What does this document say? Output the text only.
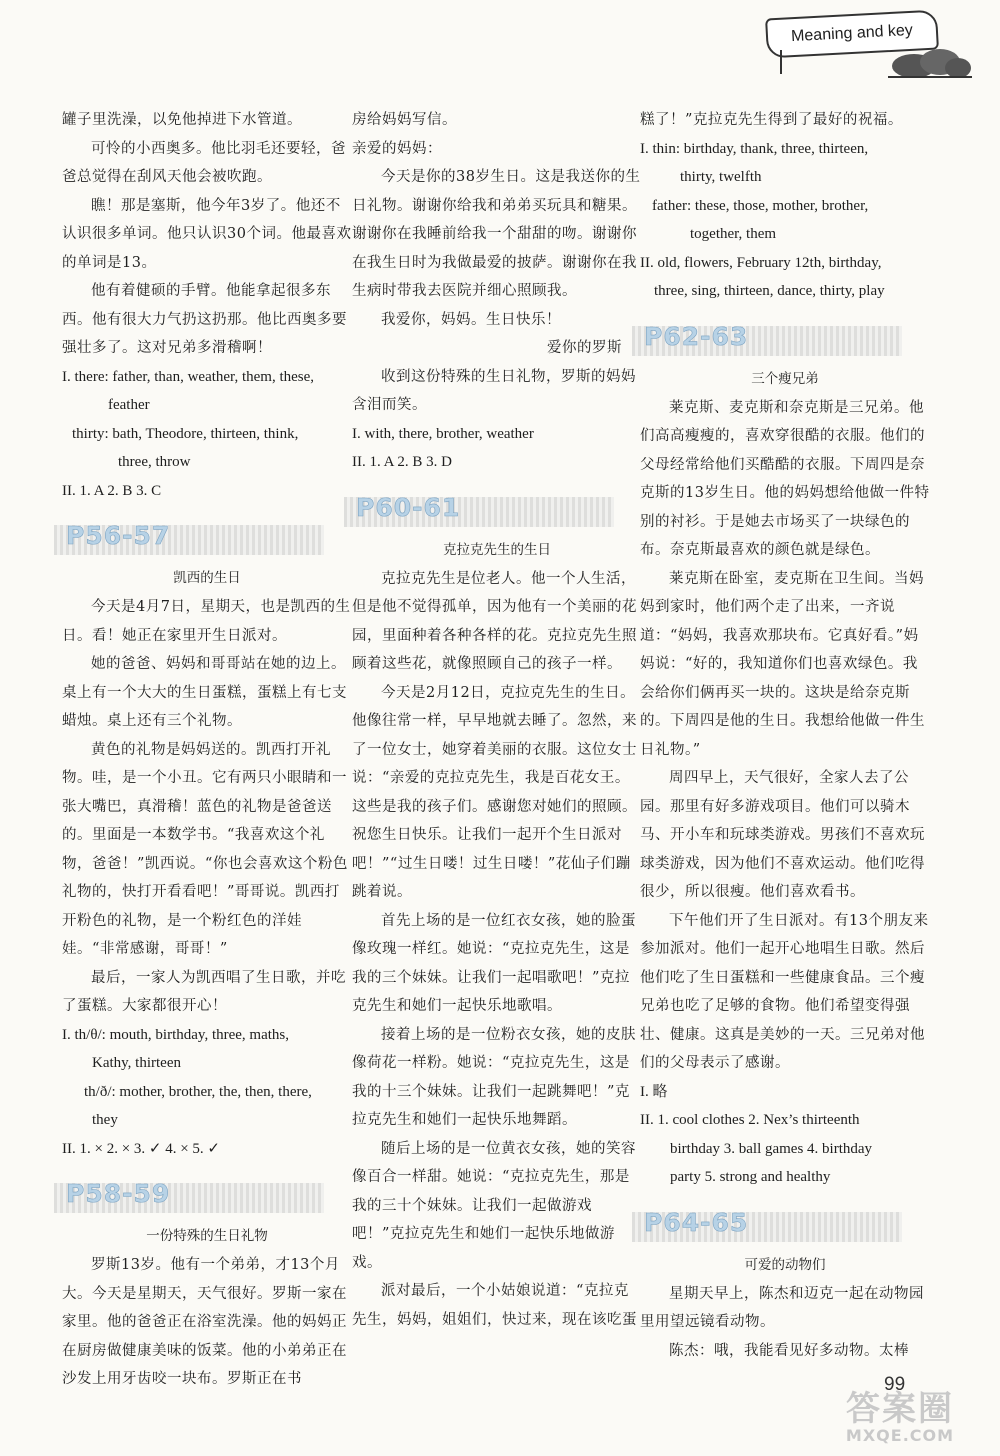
Meaning and key

罐子里洗澡，以免他掉进下水管道。

可怜的小西奥多。他比羽毛还要轻，爸爸总觉得在刮风天他会被吹跑。

瞧！那是塞斯，他今年3岁了。他还不认识很多单词。他只认识30个词。他最喜欢的单词是13。

他有着健硕的手臂。他能拿起很多东西。他有很大力气扔这扔那。他比西奥多要强壮多了。这对兄弟多滑稽啊！

I. there: father, than, weather, them, these,

feather

thirty: bath, Theodore, thirteen, think,

three, throw

II. 1. A 2. B 3. C

P56-57

凯西的生日

今天是4月7日，星期天，也是凯西的生日。看！她正在家里开生日派对。

她的爸爸、妈妈和哥哥站在她的边上。桌上有一个大大的生日蛋糕，蛋糕上有七支蜡烛。桌上还有三个礼物。

黄色的礼物是妈妈送的。凯西打开礼物。哇，是一个小丑。它有两只小眼睛和一张大嘴巴，真滑稽！蓝色的礼物是爸爸送的。里面是一本数学书。“我喜欢这个礼物，爸爸！”凯西说。“你也会喜欢这个粉色礼物的，快打开看看吧！”哥哥说。凯西打开粉色的礼物，是一个粉红色的洋娃娃。“非常感谢，哥哥！”

最后，一家人为凯西唱了生日歌，并吃了蛋糕。大家都很开心！

I. th/θ/: mouth, birthday, three, maths,

Kathy, thirteen

th/ð/: mother, brother, the, then, there,

they

II. 1. × 2. × 3. ✓ 4. × 5. ✓

P58-59

一份特殊的生日礼物

罗斯13岁。他有一个弟弟，才13个月大。今天是星期天，天气很好。罗斯一家在家里。他的爸爸正在浴室洗澡。他的妈妈正在厨房做健康美味的饭菜。他的小弟弟正在沙发上用牙齿咬一块布。罗斯正在书

房给妈妈写信。

亲爱的妈妈：

今天是你的38岁生日。这是我送你的生日礼物。谢谢你给我和弟弟买玩具和糖果。谢谢你在我睡前给我一个甜甜的吻。谢谢你在我生日时为我做最爱的披萨。谢谢你在我生病时带我去医院并细心照顾我。

我爱你，妈妈。生日快乐！

爱你的罗斯

收到这份特殊的生日礼物，罗斯的妈妈含泪而笑。

I. with, there, brother, weather

II. 1. A 2. B 3. D

P60-61

克拉克先生的生日

克拉克先生是位老人。他一个人生活，但是他不觉得孤单，因为他有一个美丽的花园，里面种着各种各样的花。克拉克先生照顾着这些花，就像照顾自己的孩子一样。

今天是2月12日，克拉克先生的生日。他像往常一样，早早地就去睡了。忽然，来了一位女士，她穿着美丽的衣服。这位女士说：“亲爱的克拉克先生，我是百花女王。这些是我的孩子们。感谢您对她们的照顾。祝您生日快乐。让我们一起开个生日派对吧！”“过生日喽！过生日喽！”花仙子们蹦跳着说。

首先上场的是一位红衣女孩，她的脸蛋像玫瑰一样红。她说：“克拉克先生，这是我的三个妹妹。让我们一起唱歌吧！”克拉克先生和她们一起快乐地歌唱。

接着上场的是一位粉衣女孩，她的皮肤像荷花一样粉。她说：“克拉克先生，这是我的十三个妹妹。让我们一起跳舞吧！”克拉克先生和她们一起快乐地舞蹈。

随后上场的是一位黄衣女孩，她的笑容像百合一样甜。她说：“克拉克先生，那是我的三十个妹妹。让我们一起做游戏吧！”克拉克先生和她们一起快乐地做游戏。

派对最后，一个小姑娘说道：“克拉克先生，妈妈，姐姐们，快过来，现在该吃蛋

糕了！”克拉克先生得到了最好的祝福。

I. thin: birthday, thank, three, thirteen,

thirty, twelfth

father: these, those, mother, brother,

together, them

II. old, flowers, February 12th, birthday,

three, sing, thirteen, dance, thirty, play

P62-63

三个瘦兄弟

莱克斯、麦克斯和奈克斯是三兄弟。他们高高瘦瘦的，喜欢穿很酷的衣服。他们的父母经常给他们买酷酷的衣服。下周四是奈克斯的13岁生日。他的妈妈想给他做一件特别的衬衫。于是她去市场买了一块绿色的布。奈克斯最喜欢的颜色就是绿色。

莱克斯在卧室，麦克斯在卫生间。当妈妈到家时，他们两个走了出来，一齐说道：“妈妈，我喜欢那块布。它真好看。”妈妈说：“好的，我知道你们也喜欢绿色。我会给你们俩再买一块的。这块是给奈克斯的。下周四是他的生日。我想给他做一件生日礼物。”

周四早上，天气很好，全家人去了公园。那里有好多游戏项目。他们可以骑木马、开小车和玩球类游戏。男孩们不喜欢玩球类游戏，因为他们不喜欢运动。他们吃得很少，所以很瘦。他们喜欢看书。

下午他们开了生日派对。有13个朋友来参加派对。他们一起开心地唱生日歌。然后他们吃了生日蛋糕和一些健康食品。三个瘦兄弟也吃了足够的食物。他们希望变得强壮、健康。这真是美妙的一天。三兄弟对他们的父母表示了感谢。

I. 略

II. 1. cool clothes 2. Nex’s thirteenth

birthday 3. ball games 4. birthday

party 5. strong and healthy

P64-65

可爱的动物们

星期天早上，陈杰和迈克一起在动物园里用望远镜看动物。

陈杰：哦，我能看见好多动物。太棒

99
答案圈
MXQE.COM
